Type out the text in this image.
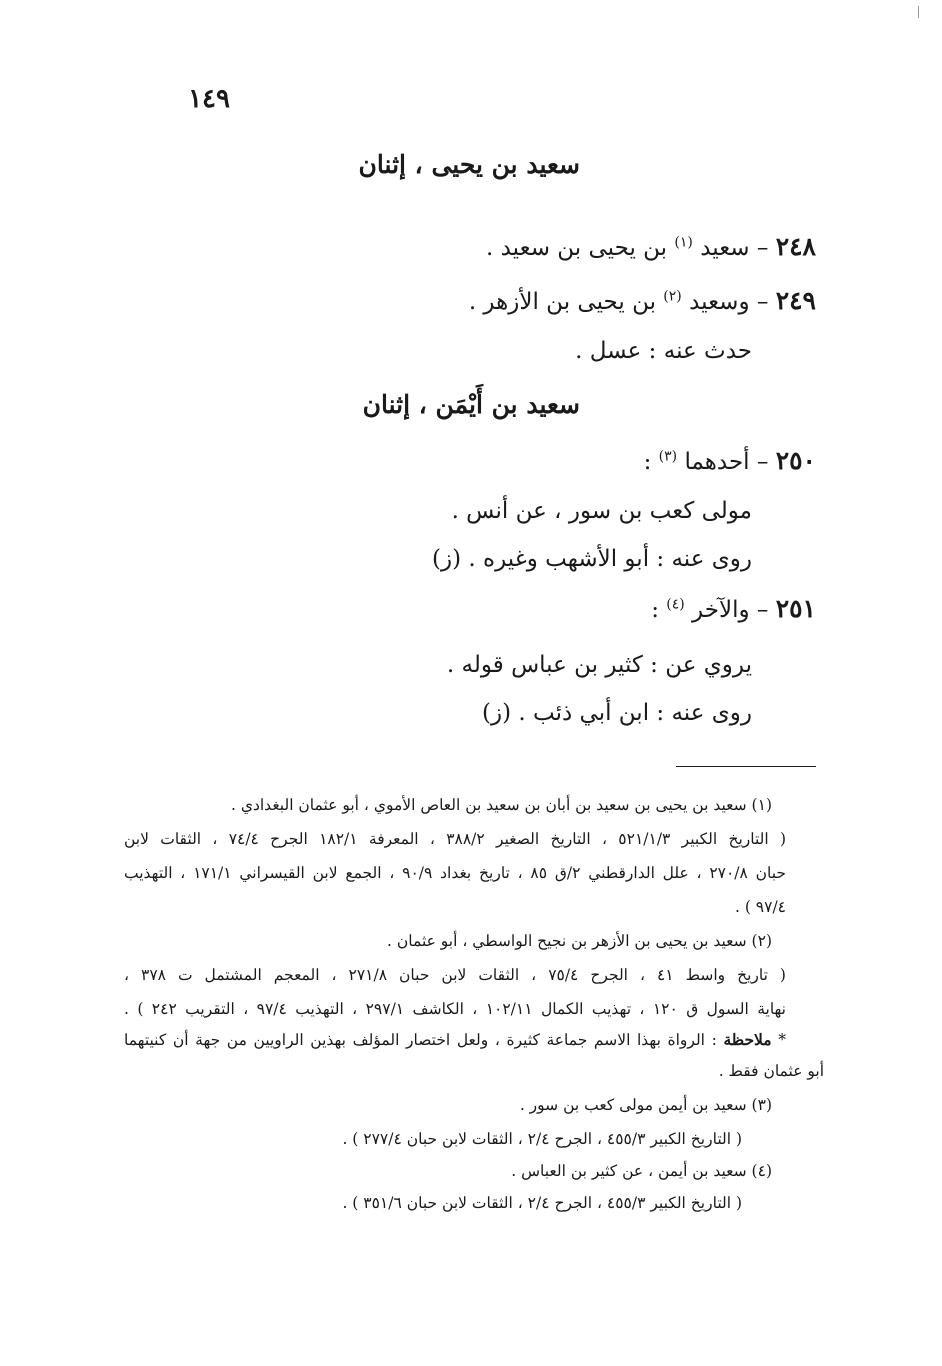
١٤٩
سعيد بن يحيى ، إثنان
٢٤٨ – سعيد $^{(١)}$ بن يحيى بن سعيد .
٢٤٩ – وسعيد $^{(٢)}$ بن يحيى بن الأزهر .
حدث عنه : عسل .
سعيد بن أَيْمَن ، إثنان
٢٥٠ – أحدهما $^{(٣)}$ :
مولى كعب بن سور ، عن أنس .
روى عنه : أبو الأشهب وغيره . (ز)
٢٥١ – والآخر $^{(٤)}$ :
يروي عن : كثير بن عباس قوله .
روى عنه : ابن أبي ذئب . (ز)
(١) سعيد بن يحيى بن سعيد بن أبان بن سعيد بن العاص الأموي ، أبو عثمان البغدادي .
( التاريخ الكبير ٥٢١/١/٣ ، التاريخ الصغير ٣٨٨/٢ ، المعرفة ١٨٢/١ الجرح ٧٤/٤ ، الثقات لابن
حبان ٢٧٠/٨ ، علل الدارقطني ٢/ق ٨٥ ، تاريخ بغداد ٩٠/٩ ، الجمع لابن القيسراني ١٧١/١ ، التهذيب
٩٧/٤ ) .
(٢) سعيد بن يحيى بن الأزهر بن نجيح الواسطي ، أبو عثمان .
( تاريخ واسط ٤١ ، الجرح ٧٥/٤ ، الثقات لابن حبان ٢٧١/٨ ، المعجم المشتمل ت ٣٧٨ ،
نهاية السول ق ١٢٠ ، تهذيب الكمال ١٠٢/١١ ، الكاشف ٢٩٧/١ ، التهذيب ٩٧/٤ ، التقريب ٢٤٢ ) .
* ملاحظة : الرواة بهذا الاسم جماعة كثيرة ، ولعل اختصار المؤلف بهذين الراويين من جهة أن كنيتهما
أبو عثمان فقط .
(٣) سعيد بن أيمن مولى كعب بن سور .
( التاريخ الكبير ٤٥٥/٣ ، الجرح ٢/٤ ، الثقات لابن حبان ٢٧٧/٤ ) .
(٤) سعيد بن أيمن ، عن كثير بن العباس .
( التاريخ الكبير ٤٥٥/٣ ، الجرح ٢/٤ ، الثقات لابن حبان ٣٥١/٦ ) .
